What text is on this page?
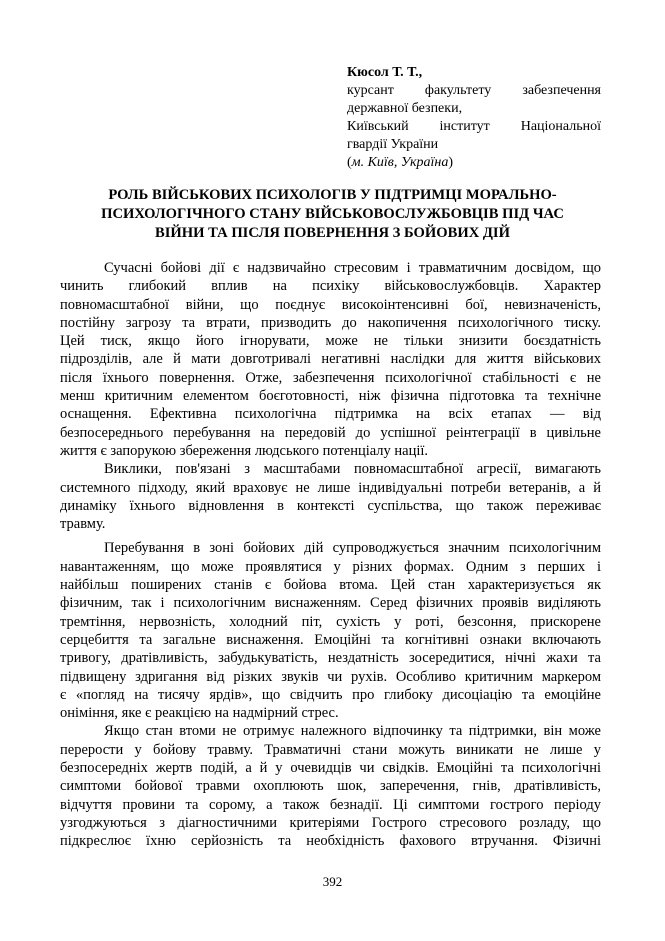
Кюсол Т. Т.,
курсант факультету забезпечення
державної безпеки,
Київський інститут Національної
гвардії України
(м. Київ, Україна)
РОЛЬ ВІЙСЬКОВИХ ПСИХОЛОГІВ У ПІДТРИМЦІ МОРАЛЬНО-
ПСИХОЛОГІЧНОГО СТАНУ ВІЙСЬКОВОСЛУЖБОВЦІВ ПІД ЧАС
ВІЙНИ ТА ПІСЛЯ ПОВЕРНЕННЯ З БОЙОВИХ ДІЙ
Сучасні бойові дії є надзвичайно стресовим і травматичним досвідом, що
чинить глибокий вплив на психіку військовослужбовців. Характер
повномасштабної війни, що поєднує високоінтенсивні бої, невизначеність,
постійну загрозу та втрати, призводить до накопичення психологічного тиску.
Цей тиск, якщо його ігнорувати, може не тільки знизити боєздатність
підрозділів, але й мати довготривалі негативні наслідки для життя військових
після їхнього повернення. Отже, забезпечення психологічної стабільності є не
менш критичним елементом боєготовності, ніж фізична підготовка та технічне
оснащення. Ефективна психологічна підтримка на всіх етапах — від
безпосереднього перебування на передовій до успішної реінтеграції в цивільне
життя є запорукою збереження людського потенціалу нації.
Виклики, пов'язані з масштабами повномасштабної агресії, вимагають
системного підходу, який враховує не лише індивідуальні потреби ветеранів, а й
динаміку їхнього відновлення в контексті суспільства, що також переживає
травму.
Перебування в зоні бойових дій супроводжується значним психологічним
навантаженням, що може проявлятися у різних формах. Одним з перших і
найбільш поширених станів є бойова втома. Цей стан характеризується як
фізичним, так і психологічним виснаженням. Серед фізичних проявів виділяють
тремтіння, нервозність, холодний піт, сухість у роті, безсоння, прискорене
серцебиття та загальне виснаження. Емоційні та когнітивні ознаки включають
тривогу, дратівливість, забудькуватість, нездатність зосередитися, нічні жахи та
підвищену здригання від різких звуків чи рухів. Особливо критичним маркером
є «погляд на тисячу ярдів», що свідчить про глибоку дисоціацію та емоційне
оніміння, яке є реакцією на надмірний стрес.
Якщо стан втоми не отримує належного відпочинку та підтримки, він може
перерости у бойову травму. Травматичні стани можуть виникати не лише у
безпосередніх жертв подій, а й у очевидців чи свідків. Емоційні та психологічні
симптоми бойової травми охоплюють шок, заперечення, гнів, дратівливість,
відчуття провини та сорому, а також безнадії. Ці симптоми гострого періоду
узгоджуються з діагностичними критеріями Гострого стресового розладу, що
підкреслює їхню серйозність та необхідність фахового втручання. Фізичні
392
